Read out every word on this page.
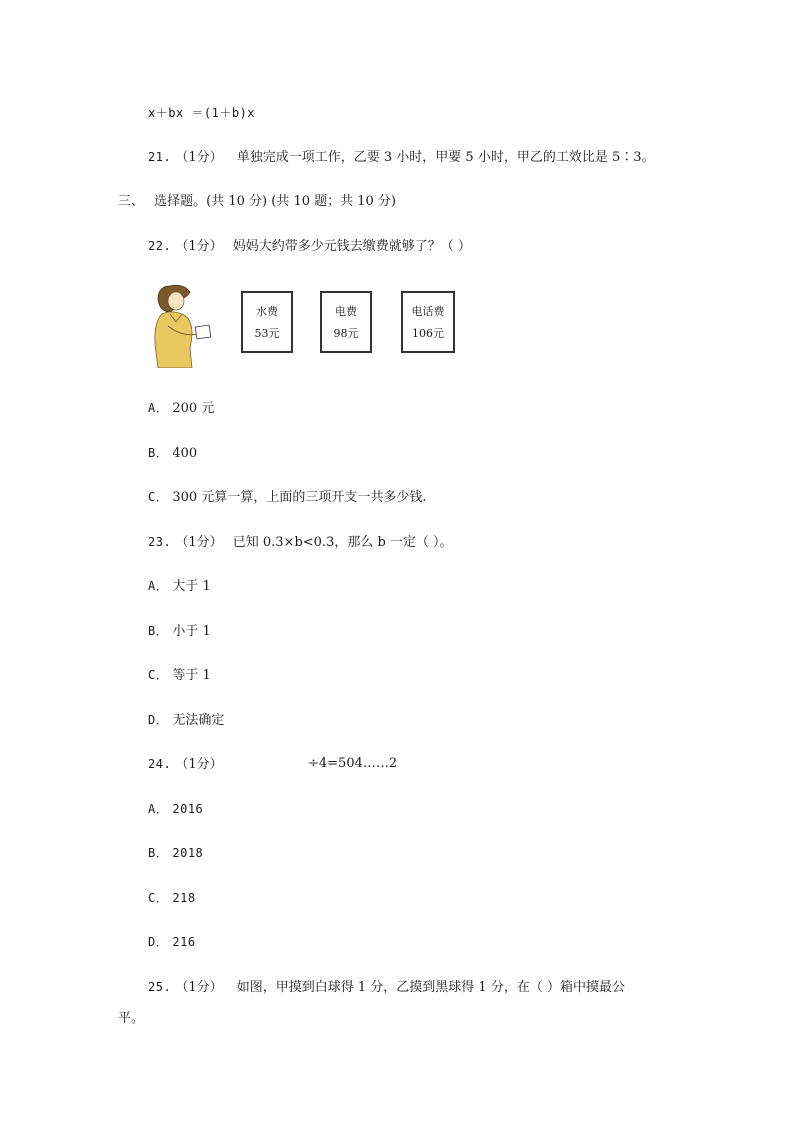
x＋bx ＝(1＋b)x
21. （1分） 单独完成一项工作，乙要 3 小时，甲要 5 小时，甲乙的工效比是 5∶3。
三、 选择题。(共 10 分) (共 10 题；共 10 分)
22. （1分） 妈妈大约带多少元钱去缴费就够了？（ ）
水费
53元
电费
98元
电话费
106元
A． 200 元
B． 400
C． 300 元算一算，上面的三项开支一共多少钱.
23. （1分） 已知 0.3×b<0.3，那么 b 一定（ ）。
A． 大于 1
B． 小于 1
C． 等于 1
D． 无法确定
24. （1分）	÷4=504……2
A． 2016
B． 2018
C． 218
D． 216
25. （1分） 如图，甲摸到白球得 1 分，乙摸到黑球得 1 分，在（ ）箱中摸最公
平。
